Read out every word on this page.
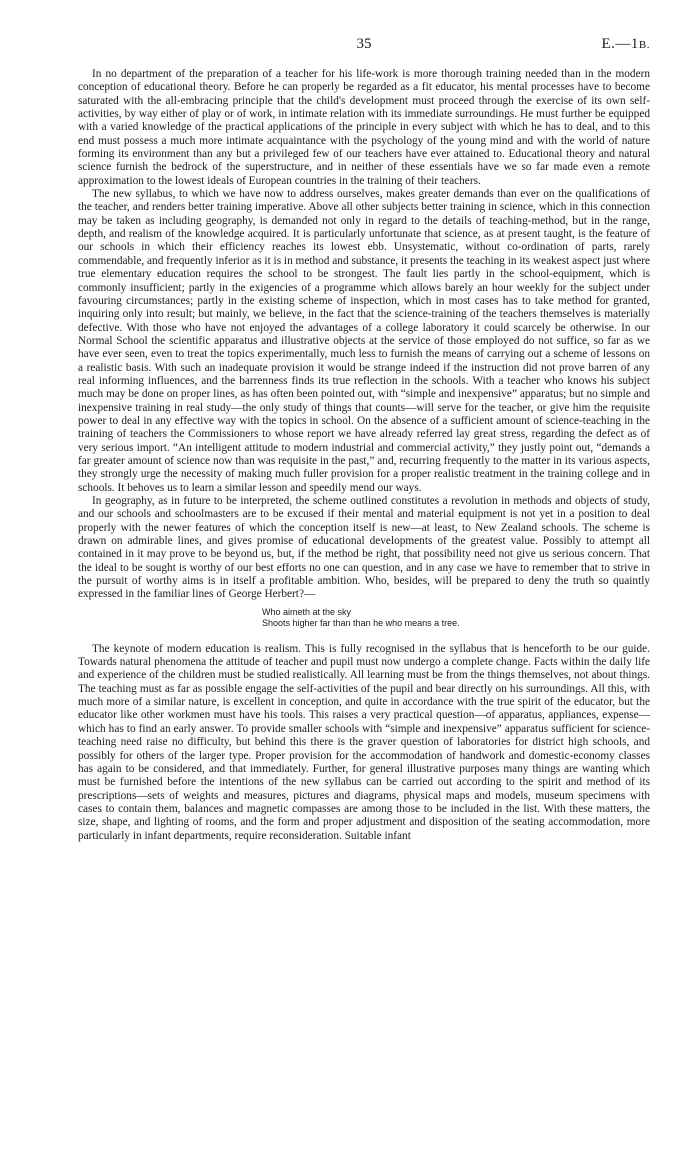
35	E.—1B.

In no department of the preparation of a teacher for his life-work is more thorough training needed than in the modern conception of educational theory. Before he can properly be regarded as a fit educator, his mental processes have to become saturated with the all-embracing principle that the child's development must proceed through the exercise of its own self-activities, by way either of play or of work, in intimate relation with its immediate surroundings. He must further be equipped with a varied knowledge of the practical applications of the principle in every subject with which he has to deal, and to this end must possess a much more intimate acquaintance with the psychology of the young mind and with the world of nature forming its environment than any but a privileged few of our teachers have ever attained to. Educational theory and natural science furnish the bedrock of the superstructure, and in neither of these essentials have we so far made even a remote approximation to the lowest ideals of European countries in the training of their teachers.

The new syllabus, to which we have now to address ourselves, makes greater demands than ever on the qualifications of the teacher, and renders better training imperative. Above all other subjects better training in science, which in this connection may be taken as including geography, is demanded not only in regard to the details of teaching-method, but in the range, depth, and realism of the knowledge acquired. It is particularly unfortunate that science, as at present taught, is the feature of our schools in which their efficiency reaches its lowest ebb. Unsystematic, without co-ordination of parts, rarely commendable, and frequently inferior as it is in method and substance, it presents the teaching in its weakest aspect just where true elementary education requires the school to be strongest. The fault lies partly in the school-equipment, which is commonly insufficient; partly in the exigencies of a programme which allows barely an hour weekly for the subject under favouring circumstances; partly in the existing scheme of inspection, which in most cases has to take method for granted, inquiring only into result; but mainly, we believe, in the fact that the science-training of the teachers themselves is materially defective. With those who have not enjoyed the advantages of a college laboratory it could scarcely be otherwise. In our Normal School the scientific apparatus and illustrative objects at the service of those employed do not suffice, so far as we have ever seen, even to treat the topics experimentally, much less to furnish the means of carrying out a scheme of lessons on a realistic basis. With such an inadequate provision it would be strange indeed if the instruction did not prove barren of any real informing influences, and the barrenness finds its true reflection in the schools. With a teacher who knows his subject much may be done on proper lines, as has often been pointed out, with “simple and inexpensive” apparatus; but no simple and inexpensive training in real study—the only study of things that counts—will serve for the teacher, or give him the requisite power to deal in any effective way with the topics in school. On the absence of a sufficient amount of science-teaching in the training of teachers the Commissioners to whose report we have already referred lay great stress, regarding the defect as of very serious import. “An intelligent attitude to modern industrial and commercial activity,” they justly point out, “demands a far greater amount of science now than was requisite in the past,” and, recurring frequently to the matter in its various aspects, they strongly urge the necessity of making much fuller provision for a proper realistic treatment in the training college and in schools. It behoves us to learn a similar lesson and speedily mend our ways.

In geography, as in future to be interpreted, the scheme outlined constitutes a revolution in methods and objects of study, and our schools and schoolmasters are to be excused if their mental and material equipment is not yet in a position to deal properly with the newer features of which the conception itself is new—at least, to New Zealand schools. The scheme is drawn on admirable lines, and gives promise of educational developments of the greatest value. Possibly to attempt all contained in it may prove to be beyond us, but, if the method be right, that possibility need not give us serious concern. That the ideal to be sought is worthy of our best efforts no one can question, and in any case we have to remember that to strive in the pursuit of worthy aims is in itself a profitable ambition. Who, besides, will be prepared to deny the truth so quaintly expressed in the familiar lines of George Herbert?—

Who aimeth at the sky
Shoots higher far than than he who means a tree.

The keynote of modern education is realism. This is fully recognised in the syllabus that is henceforth to be our guide. Towards natural phenomena the attitude of teacher and pupil must now undergo a complete change. Facts within the daily life and experience of the children must be studied realistically. All learning must be from the things themselves, not about things. The teaching must as far as possible engage the self-activities of the pupil and bear directly on his surroundings. All this, with much more of a similar nature, is excellent in conception, and quite in accordance with the true spirit of the educator, but the educator like other workmen must have his tools. This raises a very practical question—of apparatus, appliances, expense—which has to find an early answer. To provide smaller schools with “simple and inexpensive” apparatus sufficient for science-teaching need raise no difficulty, but behind this there is the graver question of laboratories for district high schools, and possibly for others of the larger type. Proper provision for the accommodation of handwork and domestic-economy classes has again to be considered, and that immediately. Further, for general illustrative purposes many things are wanting which must be furnished before the intentions of the new syllabus can be carried out according to the spirit and method of its prescriptions—sets of weights and measures, pictures and diagrams, physical maps and models, museum specimens with cases to contain them, balances and magnetic compasses are among those to be included in the list. With these matters, the size, shape, and lighting of rooms, and the form and proper adjustment and disposition of the seating accommodation, more particularly in infant departments, require reconsideration. Suitable infant
